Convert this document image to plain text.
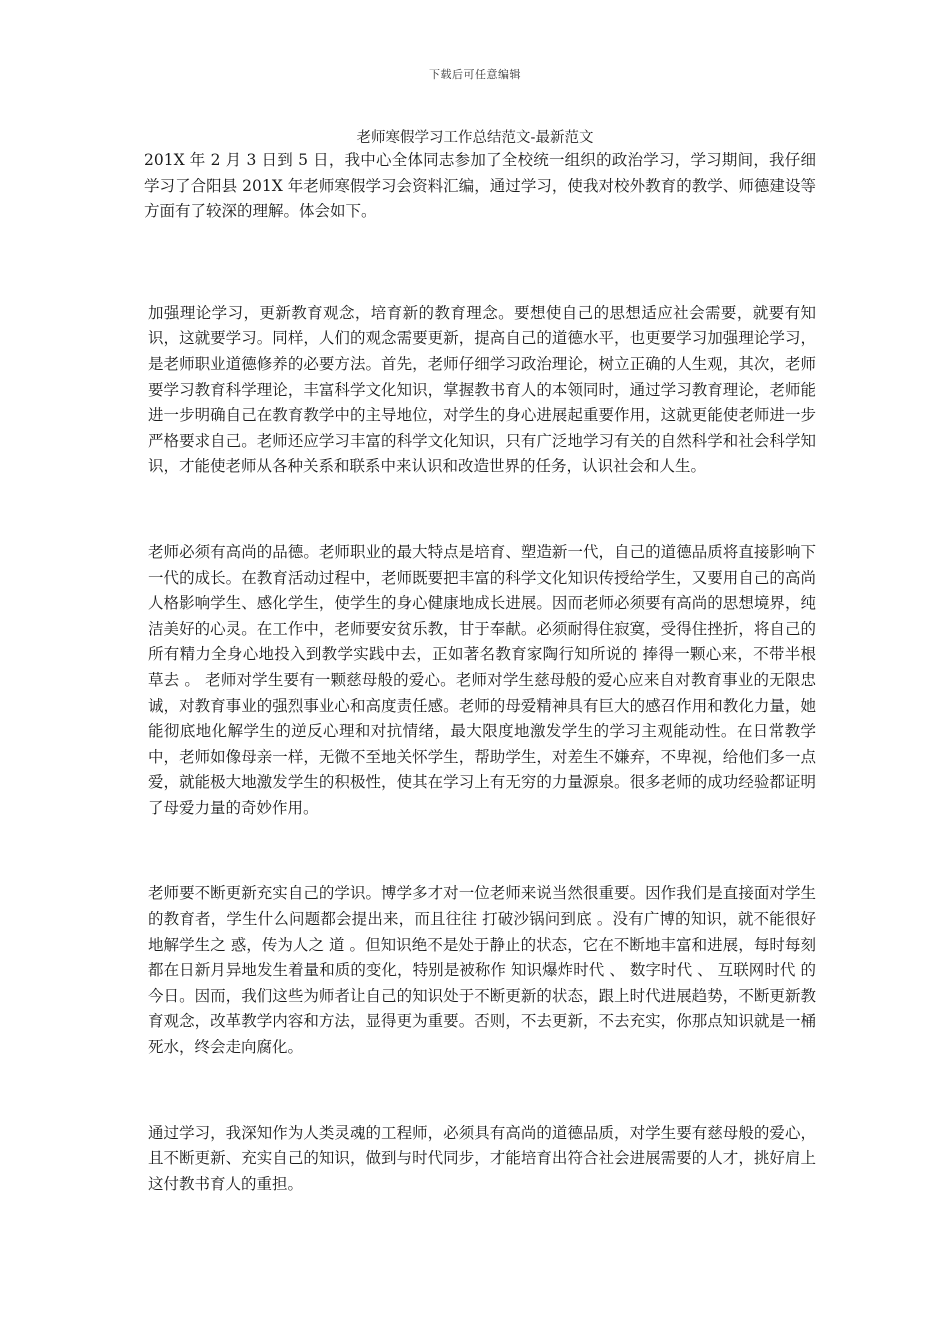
下载后可任意编辑
老师寒假学习工作总结范文-最新范文

201X 年 2 月 3 日到 5 日，我中心全体同志参加了全校统一组织的政治学习，学习期间，我仔细学习了合阳县 201X 年老师寒假学习会资料汇编，通过学习，使我对校外教育的教学、师德建设等方面有了较深的理解。体会如下。

加强理论学习，更新教育观念，培育新的教育理念。要想使自己的思想适应社会需要，就要有知识，这就要学习。同样，人们的观念需要更新，提高自己的道德水平，也更要学习加强理论学习，是老师职业道德修养的必要方法。首先，老师仔细学习政治理论，树立正确的人生观，其次，老师要学习教育科学理论，丰富科学文化知识，掌握教书育人的本领同时，通过学习教育理论，老师能进一步明确自己在教育教学中的主导地位，对学生的身心进展起重要作用，这就更能使老师进一步严格要求自己。老师还应学习丰富的科学文化知识，只有广泛地学习有关的自然科学和社会科学知识，才能使老师从各种关系和联系中来认识和改造世界的任务，认识社会和人生。

老师必须有高尚的品德。老师职业的最大特点是培育、塑造新一代，自己的道德品质将直接影响下一代的成长。在教育活动过程中，老师既要把丰富的科学文化知识传授给学生，又要用自己的高尚人格影响学生、感化学生，使学生的身心健康地成长进展。因而老师必须要有高尚的思想境界，纯洁美好的心灵。在工作中，老师要安贫乐教，甘于奉献。必须耐得住寂寞，受得住挫折，将自己的所有精力全身心地投入到教学实践中去，正如著名教育家陶行知所说的 捧得一颗心来，不带半根草去 。 老师对学生要有一颗慈母般的爱心。老师对学生慈母般的爱心应来自对教育事业的无限忠诚，对教育事业的强烈事业心和高度责任感。老师的母爱精神具有巨大的感召作用和教化力量，她能彻底地化解学生的逆反心理和对抗情绪，最大限度地激发学生的学习主观能动性。在日常教学中，老师如像母亲一样，无微不至地关怀学生，帮助学生，对差生不嫌弃，不卑视，给他们多一点爱，就能极大地激发学生的积极性，使其在学习上有无穷的力量源泉。很多老师的成功经验都证明了母爱力量的奇妙作用。

老师要不断更新充实自己的学识。博学多才对一位老师来说当然很重要。因作我们是直接面对学生的教育者，学生什么问题都会提出来，而且往往 打破沙锅问到底 。没有广博的知识，就不能很好地解学生之 惑，传为人之 道 。但知识绝不是处于静止的状态，它在不断地丰富和进展，每时每刻都在日新月异地发生着量和质的变化，特别是被称作 知识爆炸时代 、 数字时代 、 互联网时代 的今日。因而，我们这些为师者让自己的知识处于不断更新的状态，跟上时代进展趋势，不断更新教育观念，改革教学内容和方法，显得更为重要。否则，不去更新，不去充实，你那点知识就是一桶死水，终会走向腐化。

通过学习，我深知作为人类灵魂的工程师，必须具有高尚的道德品质，对学生要有慈母般的爱心，且不断更新、充实自己的知识，做到与时代同步，才能培育出符合社会进展需要的人才，挑好肩上这付教书育人的重担。
